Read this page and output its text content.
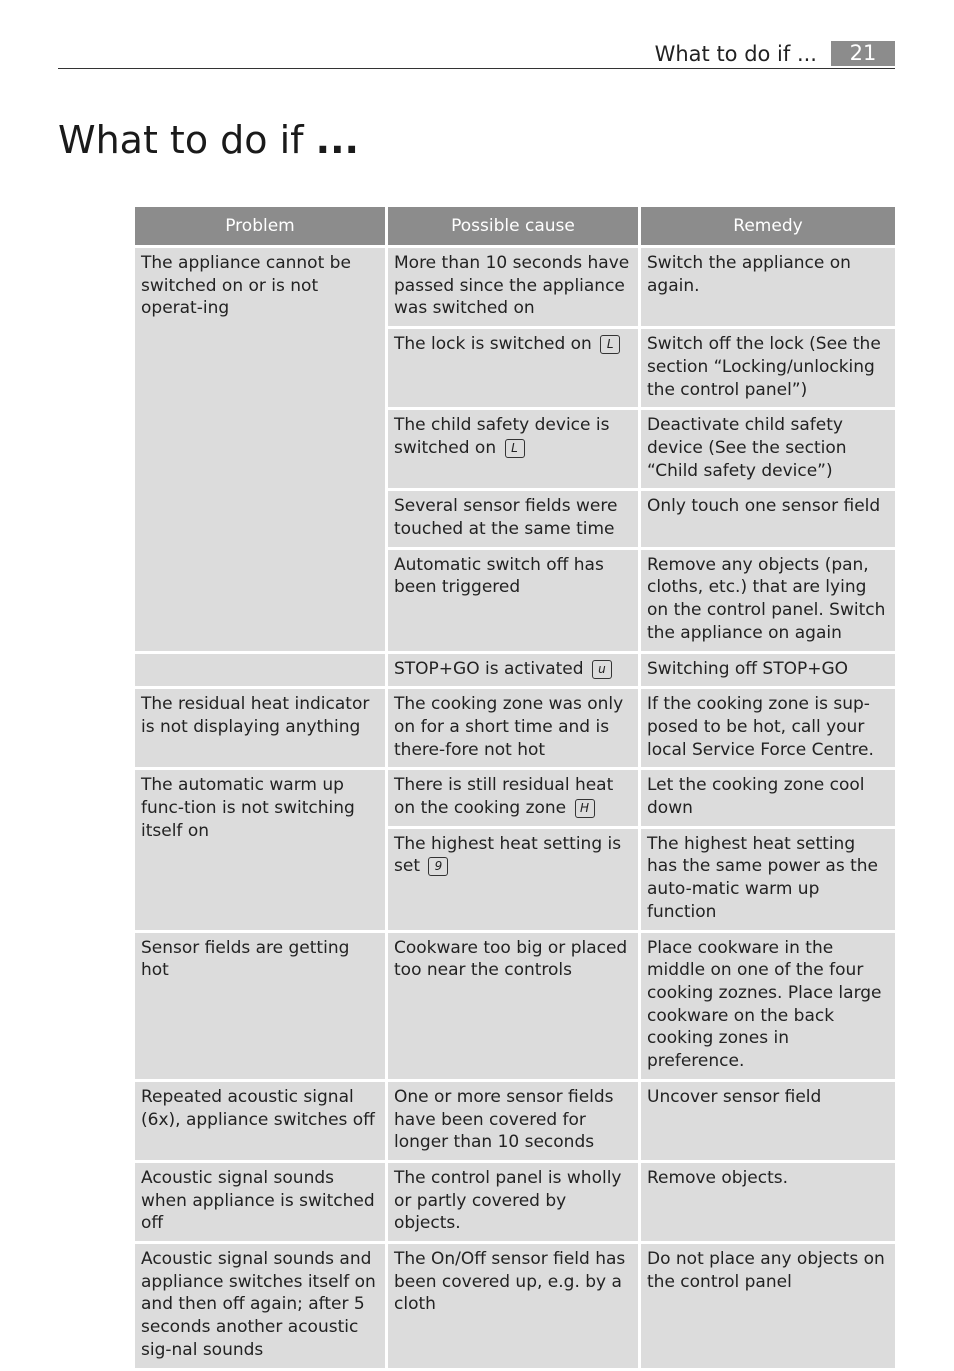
What to do if ...	21
What to do if ...
Problem	Possible cause	Remedy
The appliance cannot be switched on or is not operat-ing	More than 10 seconds have passed since the appliance was switched on	Switch the appliance on again.
	The lock is switched on L	Switch off the lock (See the section “Locking/unlocking the control panel”)
	The child safety device is switched on L	Deactivate child safety device (See the section “Child safety device”)
	Several sensor fields were touched at the same time	Only touch one sensor field
	Automatic switch off has been triggered	Remove any objects (pan, cloths, etc.) that are lying on the control panel. Switch the appliance on again
	STOP+GO is activated u	Switching off STOP+GO
The residual heat indicator is not displaying anything	The cooking zone was only on for a short time and is there-fore not hot	If the cooking zone is sup-posed to be hot, call your local Service Force Centre.
The automatic warm up func-tion is not switching itself on	There is still residual heat on the cooking zone H	Let the cooking zone cool down
	The highest heat setting is set 9	The highest heat setting has the same power as the auto-matic warm up function
Sensor fields are getting hot	Cookware too big or placed too near the controls	Place cookware in the middle on one of the four cooking zoznes. Place large cookware on the back cooking zones in preference.
Repeated acoustic signal (6x), appliance switches off	One or more sensor fields have been covered for longer than 10 seconds	Uncover sensor field
Acoustic signal sounds when appliance is switched off	The control panel is wholly or partly covered by objects.	Remove objects.
Acoustic signal sounds and appliance switches itself on and then off again; after 5 seconds another acoustic sig-nal sounds	The On/Off sensor field has been covered up, e.g. by a cloth	Do not place any objects on the control panel
